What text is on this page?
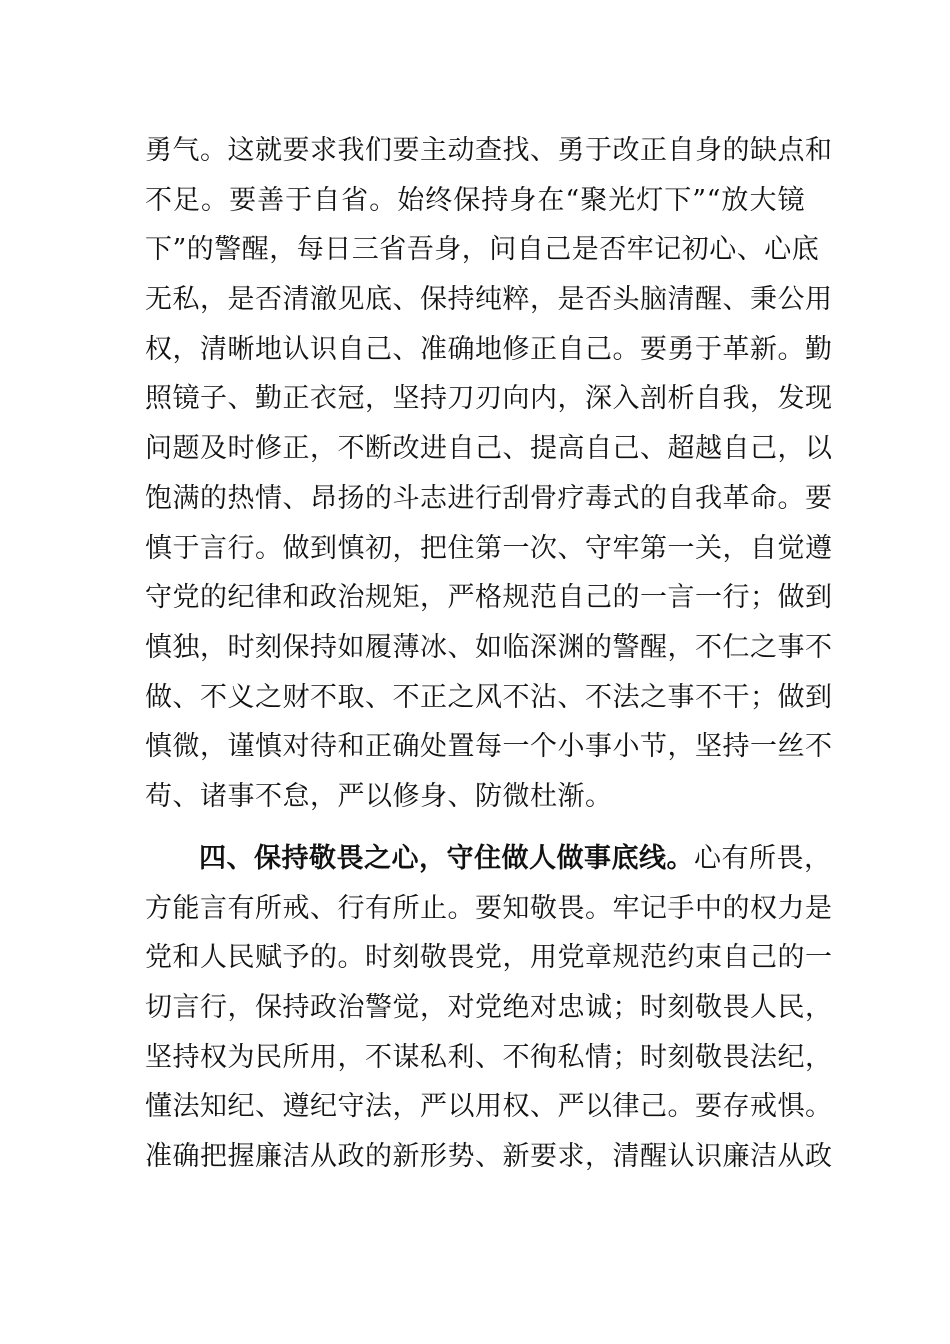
勇气。这就要求我们要主动查找、勇于改正自身的缺点和
不足。要善于自省。始终保持身在“聚光灯下”“放大镜
下”的警醒，每日三省吾身，问自己是否牢记初心、心底
无私，是否清澈见底、保持纯粹，是否头脑清醒、秉公用
权，清晰地认识自己、准确地修正自己。要勇于革新。勤
照镜子、勤正衣冠，坚持刀刃向内，深入剖析自我，发现
问题及时修正，不断改进自己、提高自己、超越自己，以
饱满的热情、昂扬的斗志进行刮骨疗毒式的自我革命。要
慎于言行。做到慎初，把住第一次、守牢第一关，自觉遵
守党的纪律和政治规矩，严格规范自己的一言一行；做到
慎独，时刻保持如履薄冰、如临深渊的警醒，不仁之事不
做、不义之财不取、不正之风不沾、不法之事不干；做到
慎微，谨慎对待和正确处置每一个小事小节，坚持一丝不
苟、诸事不怠，严以修身、防微杜渐。
四、保持敬畏之心，守住做人做事底线。心有所畏，
方能言有所戒、行有所止。要知敬畏。牢记手中的权力是
党和人民赋予的。时刻敬畏党，用党章规范约束自己的一
切言行，保持政治警觉，对党绝对忠诚；时刻敬畏人民，
坚持权为民所用，不谋私利、不徇私情；时刻敬畏法纪，
懂法知纪、遵纪守法，严以用权、严以律己。要存戒惧。
准确把握廉洁从政的新形势、新要求，清醒认识廉洁从政
